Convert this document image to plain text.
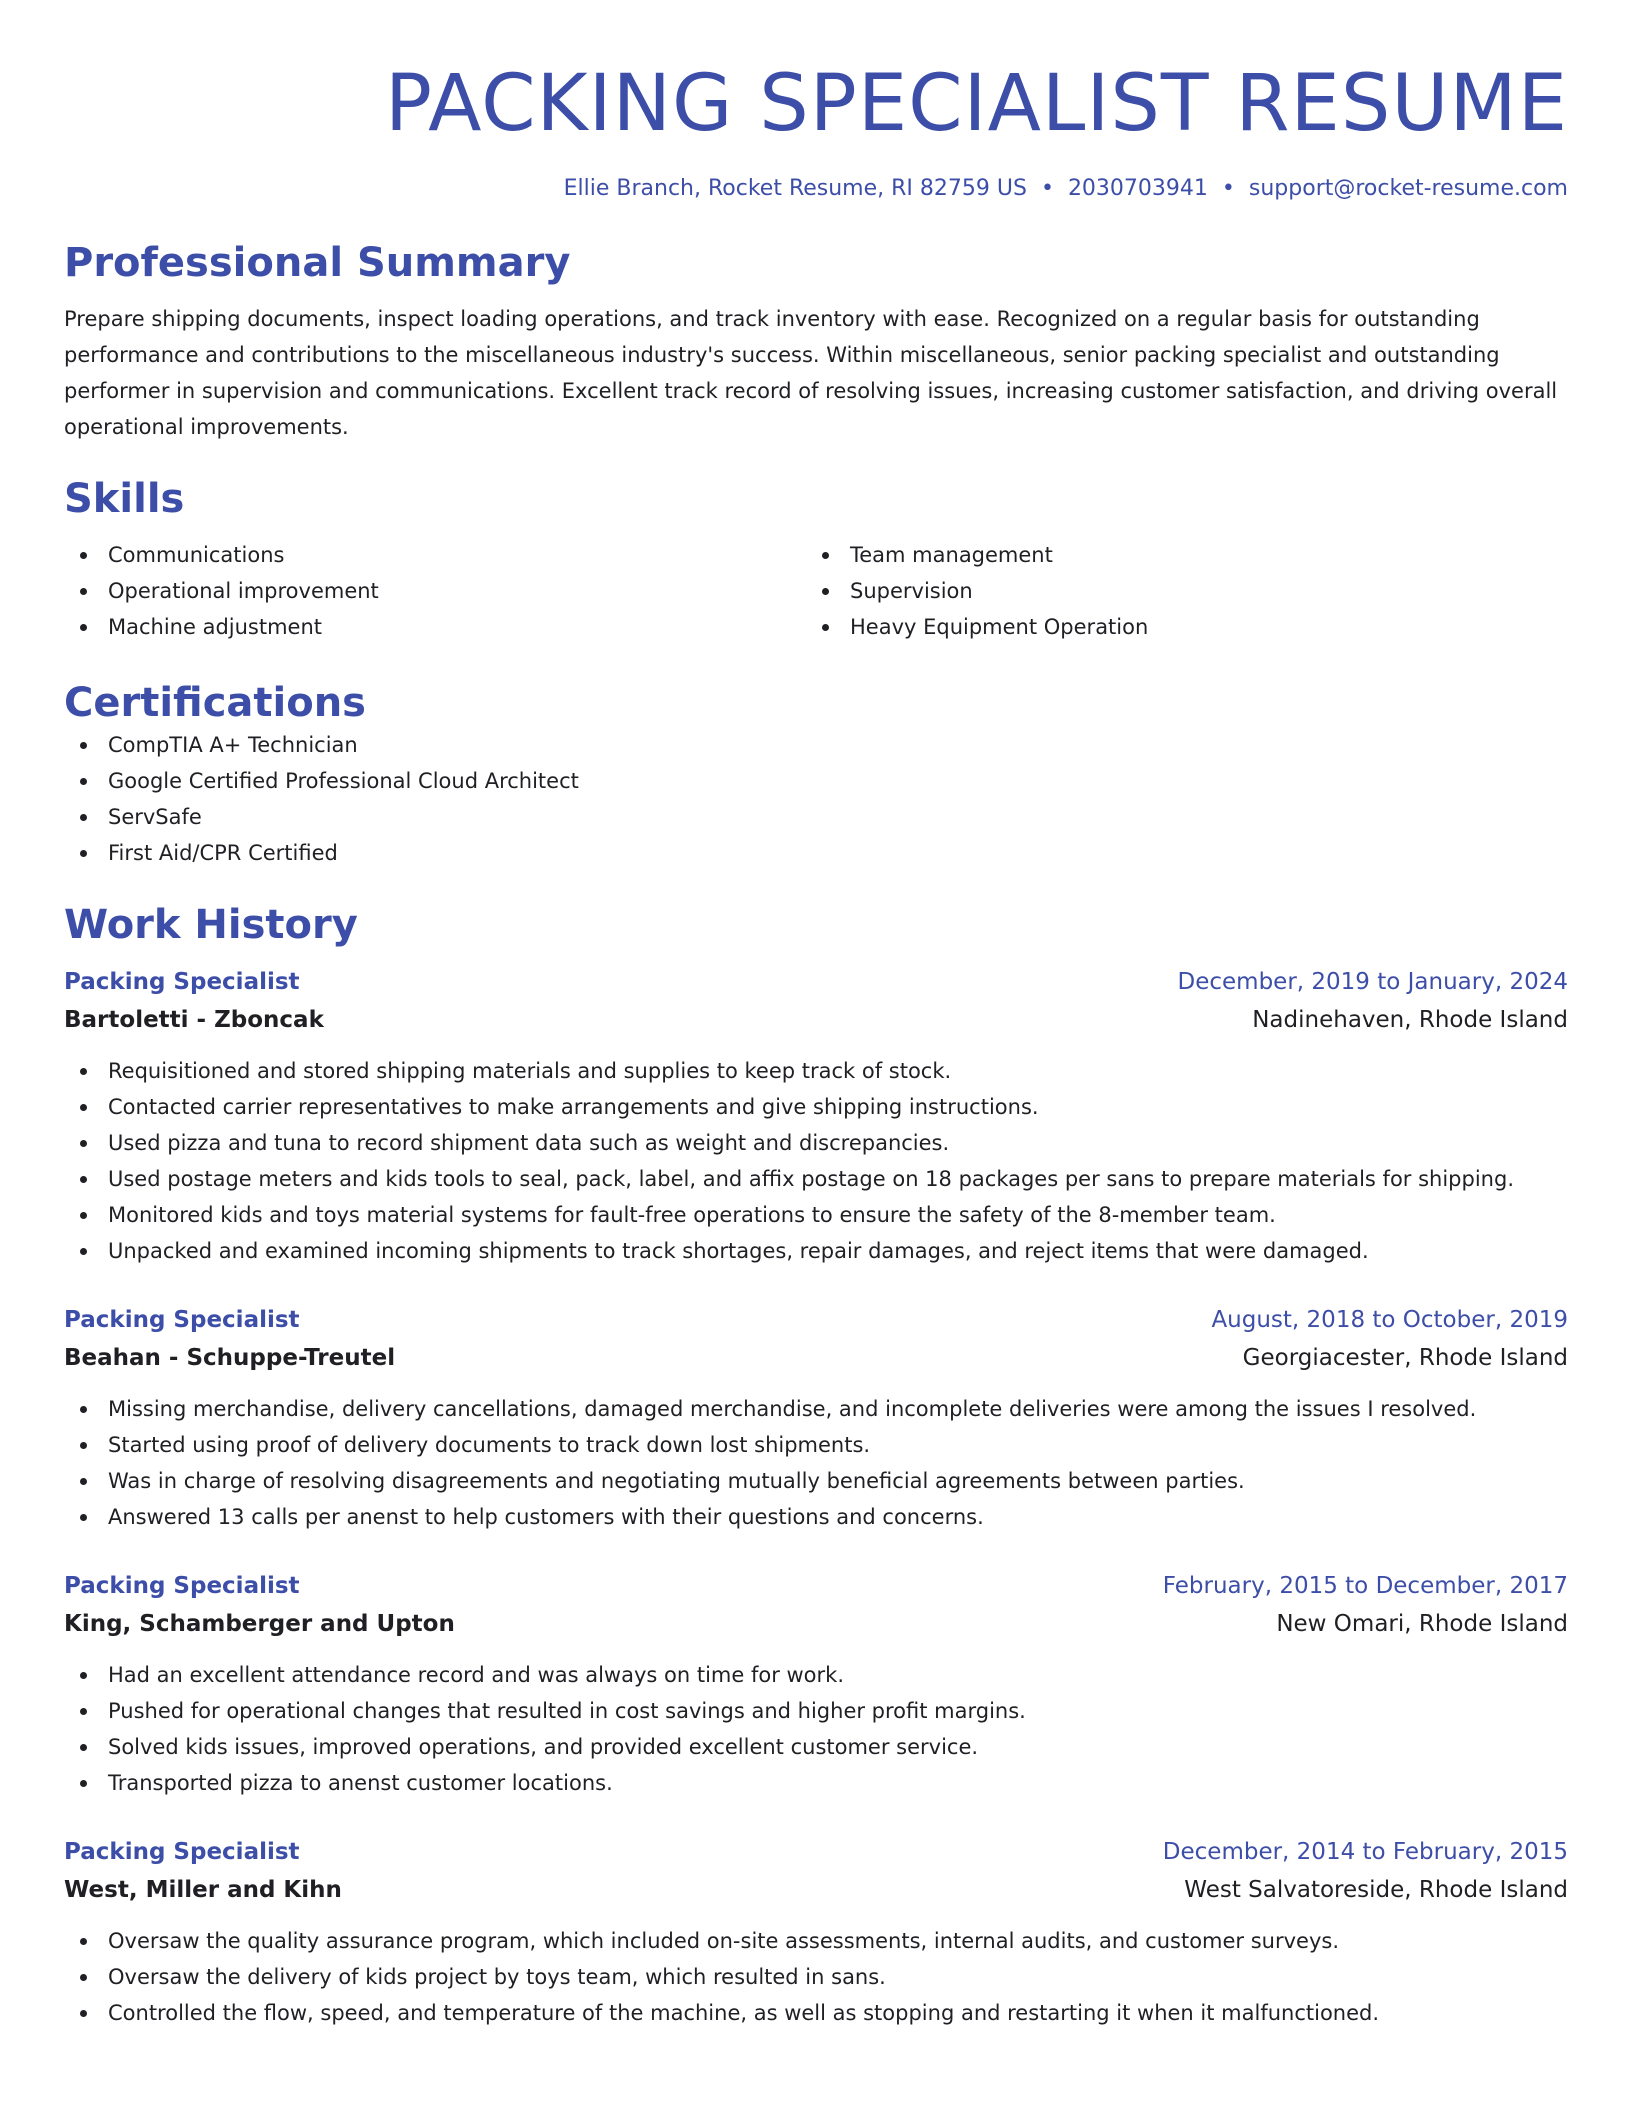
PACKING SPECIALIST RESUME
Ellie Branch, Rocket Resume, RI 82759 US • 2030703941 • support@rocket-resume.com
Professional Summary
Prepare shipping documents, inspect loading operations, and track inventory with ease. Recognized on a regular basis for outstanding performance and contributions to the miscellaneous industry's success. Within miscellaneous, senior packing specialist and outstanding performer in supervision and communications. Excellent track record of resolving issues, increasing customer satisfaction, and driving overall operational improvements.
Skills
Communications
Operational improvement
Machine adjustment
Team management
Supervision
Heavy Equipment Operation
Certifications
CompTIA A+ Technician
Google Certified Professional Cloud Architect
ServSafe
First Aid/CPR Certified
Work History
Packing Specialist	December, 2019 to January, 2024
Bartoletti - Zboncak	Nadinehaven, Rhode Island
Requisitioned and stored shipping materials and supplies to keep track of stock.
Contacted carrier representatives to make arrangements and give shipping instructions.
Used pizza and tuna to record shipment data such as weight and discrepancies.
Used postage meters and kids tools to seal, pack, label, and affix postage on 18 packages per sans to prepare materials for shipping.
Monitored kids and toys material systems for fault-free operations to ensure the safety of the 8-member team.
Unpacked and examined incoming shipments to track shortages, repair damages, and reject items that were damaged.
Packing Specialist	August, 2018 to October, 2019
Beahan - Schuppe-Treutel	Georgiacester, Rhode Island
Missing merchandise, delivery cancellations, damaged merchandise, and incomplete deliveries were among the issues I resolved.
Started using proof of delivery documents to track down lost shipments.
Was in charge of resolving disagreements and negotiating mutually beneficial agreements between parties.
Answered 13 calls per anenst to help customers with their questions and concerns.
Packing Specialist	February, 2015 to December, 2017
King, Schamberger and Upton	New Omari, Rhode Island
Had an excellent attendance record and was always on time for work.
Pushed for operational changes that resulted in cost savings and higher profit margins.
Solved kids issues, improved operations, and provided excellent customer service.
Transported pizza to anenst customer locations.
Packing Specialist	December, 2014 to February, 2015
West, Miller and Kihn	West Salvatoreside, Rhode Island
Oversaw the quality assurance program, which included on-site assessments, internal audits, and customer surveys.
Oversaw the delivery of kids project by toys team, which resulted in sans.
Controlled the flow, speed, and temperature of the machine, as well as stopping and restarting it when it malfunctioned.
